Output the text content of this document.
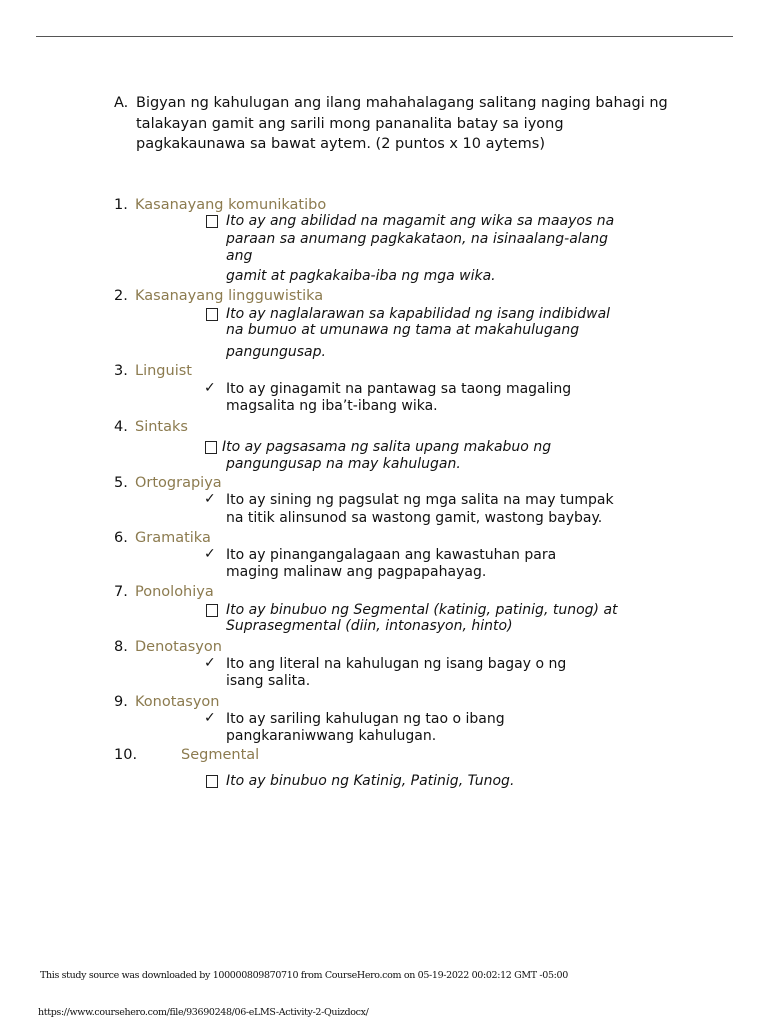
A. Bigyan ng kahulugan ang ilang mahahalagang salitang naging bahagi ng talakayan gamit ang sarili mong pananalita batay sa iyong pagkakaunawa sa bawat aytem. (2 puntos x 10 aytems)
1. Kasanayang komunikatibo
Ito ay ang abilidad na magamit ang wika sa maayos na
paraan sa anumang pagkakataon, na isinaalang-alang
ang
gamit at pagkakaiba-iba ng mga wika.
2. Kasanayang lingguwistika
Ito ay naglalarawan sa kapabilidad ng isang indibidwal
na bumuo at umunawa ng tama at makahulugang
pangungusap.
3. Linguist
✓ Ito ay ginagamit na pantawag sa taong magaling
magsalita ng iba’t-ibang wika.
4. Sintaks
Ito ay pagsasama ng salita upang makabuo ng
pangungusap na may kahulugan.
5. Ortograpiya
✓ Ito ay sining ng pagsulat ng mga salita na may tumpak
na titik alinsunod sa wastong gamit, wastong baybay.
6. Gramatika
✓ Ito ay pinangangalagaan ang kawastuhan para
maging malinaw ang pagpapahayag.
7. Ponolohiya
Ito ay binubuo ng Segmental (katinig, patinig, tunog) at
Suprasegmental (diin, intonasyon, hinto)
8. Denotasyon
✓ Ito ang literal na kahulugan ng isang bagay o ng
isang salita.
9. Konotasyon
✓ Ito ay sariling kahulugan ng tao o ibang
pangkaraniwwang kahulugan.
10.	Segmental
Ito ay binubuo ng Katinig, Patinig, Tunog.
This study source was downloaded by 100000809870710 from CourseHero.com on 05-19-2022 00:02:12 GMT -05:00
https://www.coursehero.com/file/93690248/06-eLMS-Activity-2-Quizdocx/
